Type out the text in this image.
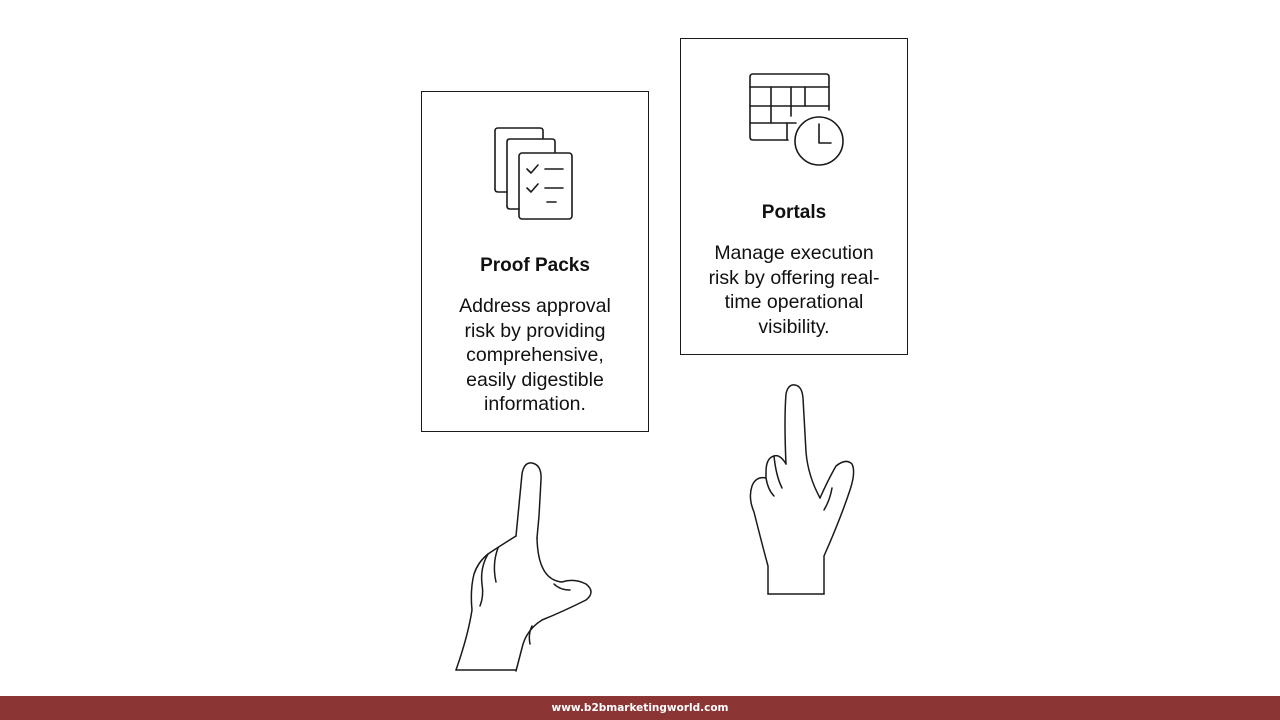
Proof Packs
Address approval risk by providing comprehensive, easily digestible information.
Portals
Manage execution risk by offering real-time operational visibility.
www.b2bmarketingworld.com
